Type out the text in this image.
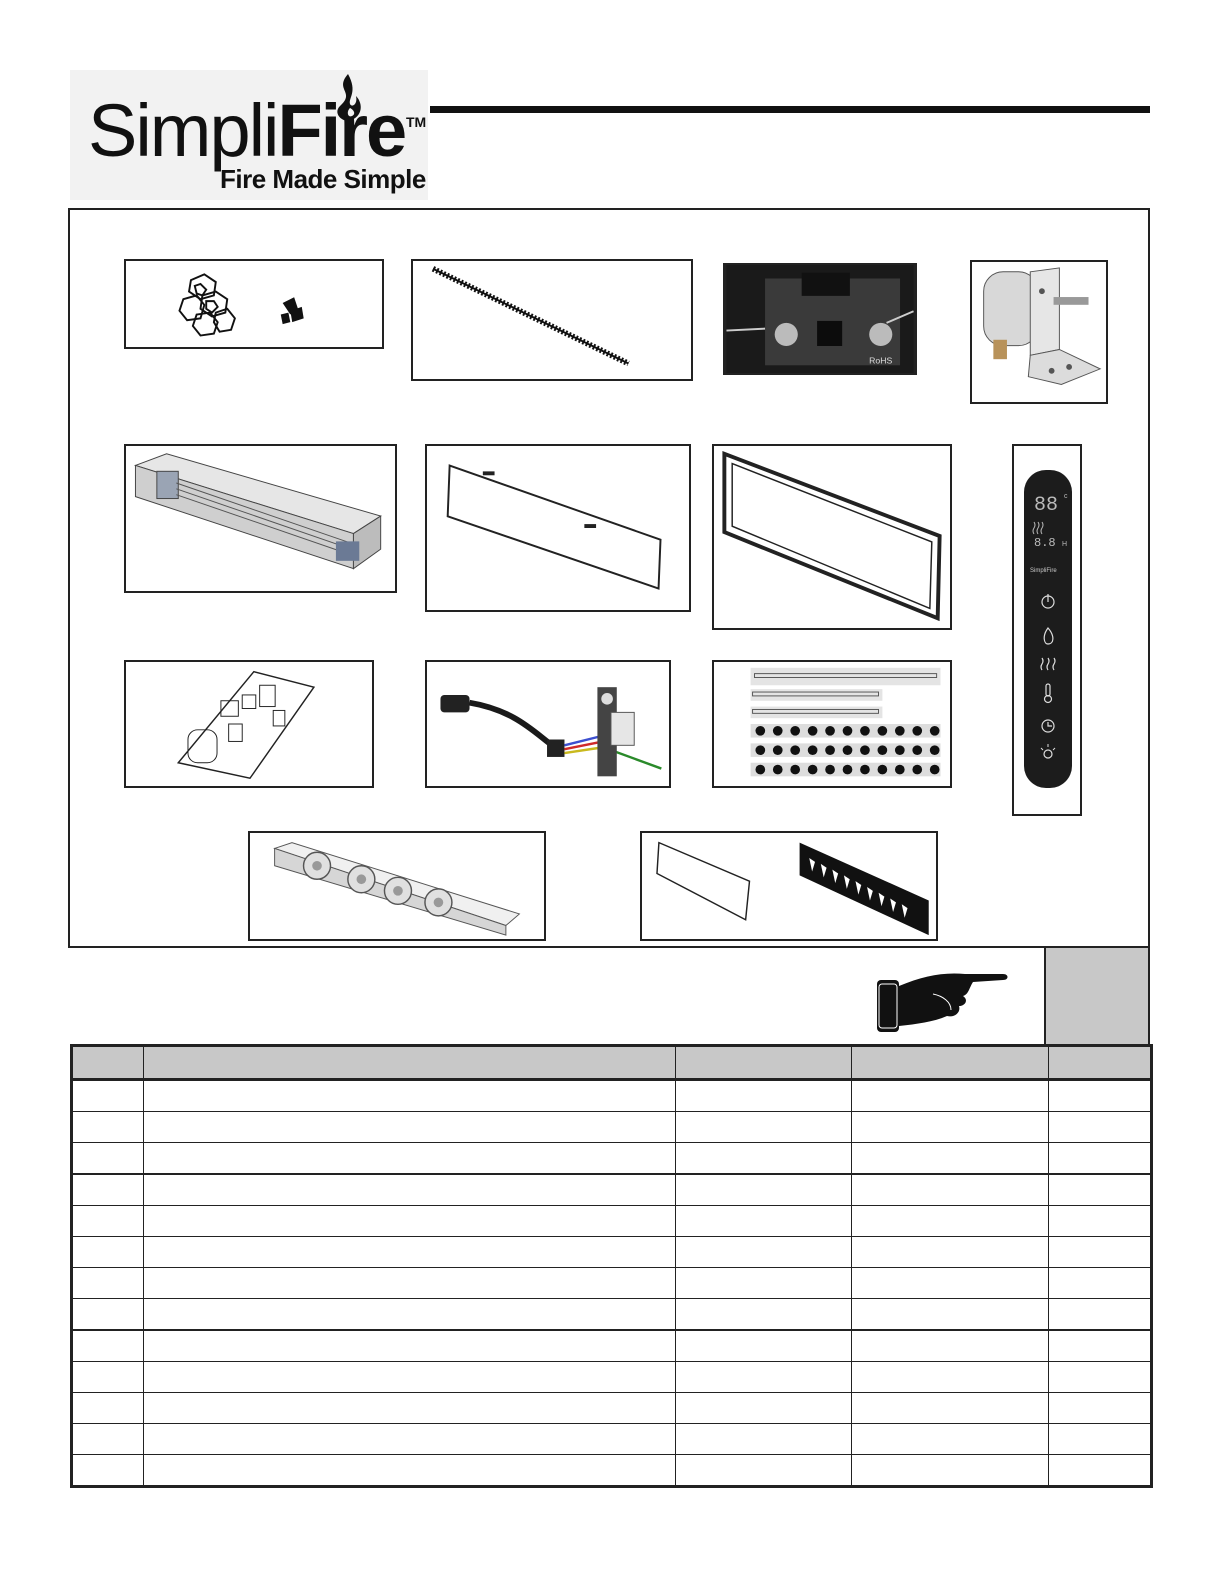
SimpliFire TM
Fire Made Simple
RoHS
88 c
8.8 H
SimpliFire
